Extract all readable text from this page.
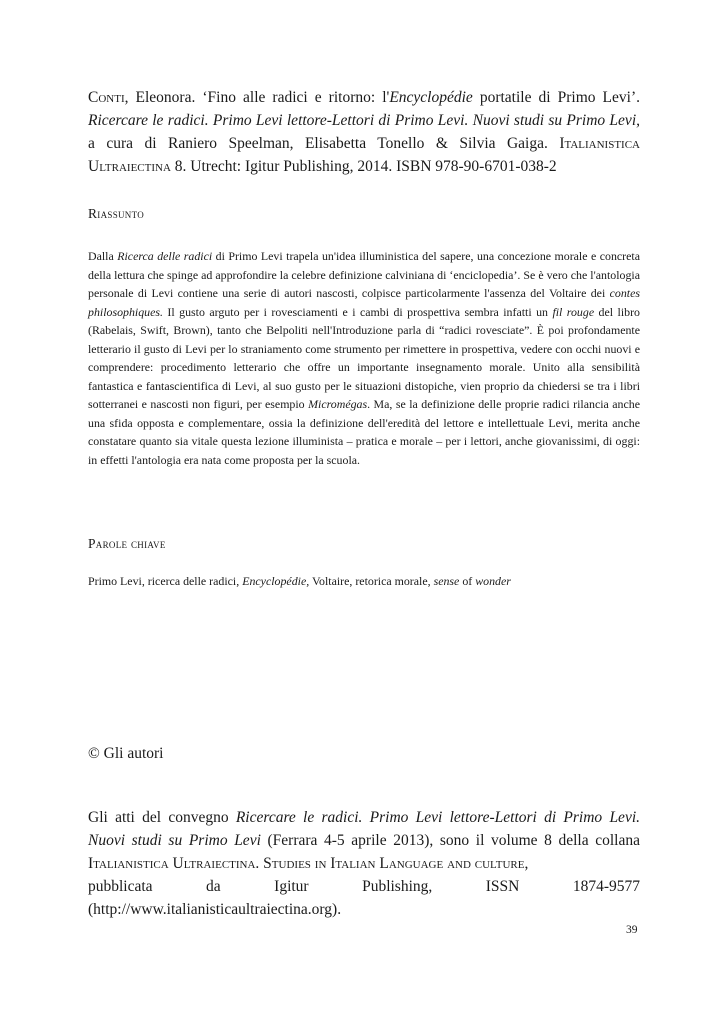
Conti, Eleonora. ‘Fino alle radici e ritorno: l'Encyclopédie portatile di Primo Levi’. Ricercare le radici. Primo Levi lettore-Lettori di Primo Levi. Nuovi studi su Primo Levi, a cura di Raniero Speelman, Elisabetta Tonello & Silvia Gaiga. Italianistica Ultraiectina 8. Utrecht: Igitur Publishing, 2014. ISBN 978-90-6701-038-2
Riassunto
Dalla Ricerca delle radici di Primo Levi trapela un'idea illuministica del sapere, una concezione morale e concreta della lettura che spinge ad approfondire la celebre definizione calviniana di ‘enciclopedia’. Se è vero che l'antologia personale di Levi contiene una serie di autori nascosti, colpisce particolarmente l'assenza del Voltaire dei contes philosophiques. Il gusto arguto per i rovesciamenti e i cambi di prospettiva sembra infatti un fil rouge del libro (Rabelais, Swift, Brown), tanto che Belpoliti nell'Introduzione parla di “radici rovesciate”. È poi profondamente letterario il gusto di Levi per lo straniamento come strumento per rimettere in prospettiva, vedere con occhi nuovi e comprendere: procedimento letterario che offre un importante insegnamento morale. Unito alla sensibilità fantastica e fantascientifica di Levi, al suo gusto per le situazioni distopiche, vien proprio da chiedersi se tra i libri sotterranei e nascosti non figuri, per esempio Micromégas. Ma, se la definizione delle proprie radici rilancia anche una sfida opposta e complementare, ossia la definizione dell'eredità del lettore e intellettuale Levi, merita anche constatare quanto sia vitale questa lezione illuminista – pratica e morale – per i lettori, anche giovanissimi, di oggi: in effetti l'antologia era nata come proposta per la scuola.
Parole chiave
Primo Levi, ricerca delle radici, Encyclopédie, Voltaire, retorica morale, sense of wonder
© Gli autori
Gli atti del convegno Ricercare le radici. Primo Levi lettore-Lettori di Primo Levi. Nuovi studi su Primo Levi (Ferrara 4-5 aprile 2013), sono il volume 8 della collana Italianistica Ultraiectina. Studies in Italian Language and culture,
pubblicata da Igitur Publishing, ISSN 1874-9577
(http://www.italianisticaultraiectina.org).
39
